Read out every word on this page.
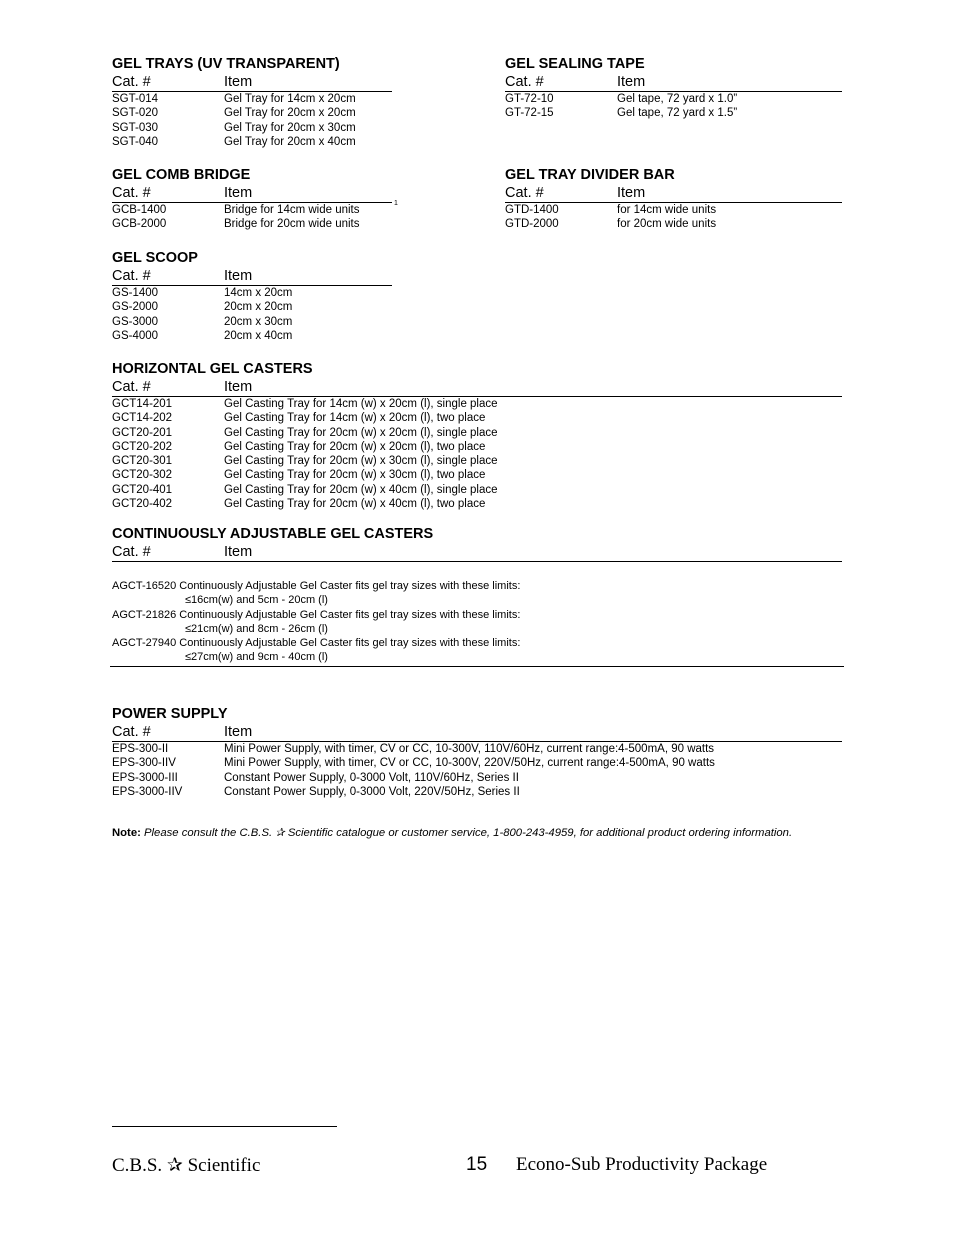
GEL TRAYS (UV TRANSPARENT)
Cat. #	Item
SGT-014	Gel Tray for 14cm x 20cm
SGT-020	Gel Tray for 20cm x 20cm
SGT-030	Gel Tray for 20cm x 30cm
SGT-040	Gel Tray for 20cm x 40cm
GEL SEALING TAPE
Cat. #	Item
GT-72-10	Gel tape, 72 yard x 1.0”
GT-72-15	Gel tape, 72 yard x 1.5”
GEL COMB BRIDGE
Cat. #	Item
GCB-1400	Bridge for 14cm wide units
GCB-2000	Bridge for 20cm wide units
1
GEL TRAY DIVIDER BAR
Cat. #	Item
GTD-1400	for 14cm wide units
GTD-2000	for 20cm wide units
GEL SCOOP
Cat. #	Item
GS-1400	14cm x 20cm
GS-2000	20cm x 20cm
GS-3000	20cm x 30cm
GS-4000	20cm x 40cm
HORIZONTAL GEL CASTERS
Cat. #	Item
GCT14-201	Gel Casting Tray for 14cm (w) x 20cm (l), single place
GCT14-202	Gel Casting Tray for 14cm (w) x 20cm (l), two place
GCT20-201	Gel Casting Tray for 20cm (w) x 20cm (l), single place
GCT20-202	Gel Casting Tray for 20cm (w) x 20cm (l), two place
GCT20-301	Gel Casting Tray for 20cm (w) x 30cm (l), single place
GCT20-302	Gel Casting Tray for 20cm (w) x 30cm (l), two place
GCT20-401	Gel Casting Tray for 20cm (w) x 40cm (l), single place
GCT20-402	Gel Casting Tray for 20cm (w) x 40cm (l), two place
CONTINUOUSLY ADJUSTABLE GEL CASTERS
Cat. #	Item
AGCT-16520 Continuously Adjustable Gel Caster fits gel tray sizes with these limits:
≤16cm(w) and 5cm - 20cm (l)
AGCT-21826 Continuously Adjustable Gel Caster fits gel tray sizes with these limits:
≤21cm(w) and 8cm - 26cm (l)
AGCT-27940 Continuously Adjustable Gel Caster fits gel tray sizes with these limits:
≤27cm(w) and 9cm - 40cm (l)
POWER SUPPLY
Cat. #	Item
EPS-300-II	Mini Power Supply, with timer, CV or CC, 10-300V, 110V/60Hz, current range:4-500mA, 90 watts
EPS-300-IIV	Mini Power Supply, with timer, CV or CC, 10-300V, 220V/50Hz, current range:4-500mA, 90 watts
EPS-3000-III	Constant Power Supply, 0-3000 Volt, 110V/60Hz, Series II
EPS-3000-IIV	Constant Power Supply, 0-3000 Volt, 220V/50Hz, Series II
Note: Please consult the C.B.S. ✰ Scientific catalogue or customer service, 1-800-243-4959, for additional product ordering information.
C.B.S. ✰ Scientific	15 Econo-Sub Productivity Package
